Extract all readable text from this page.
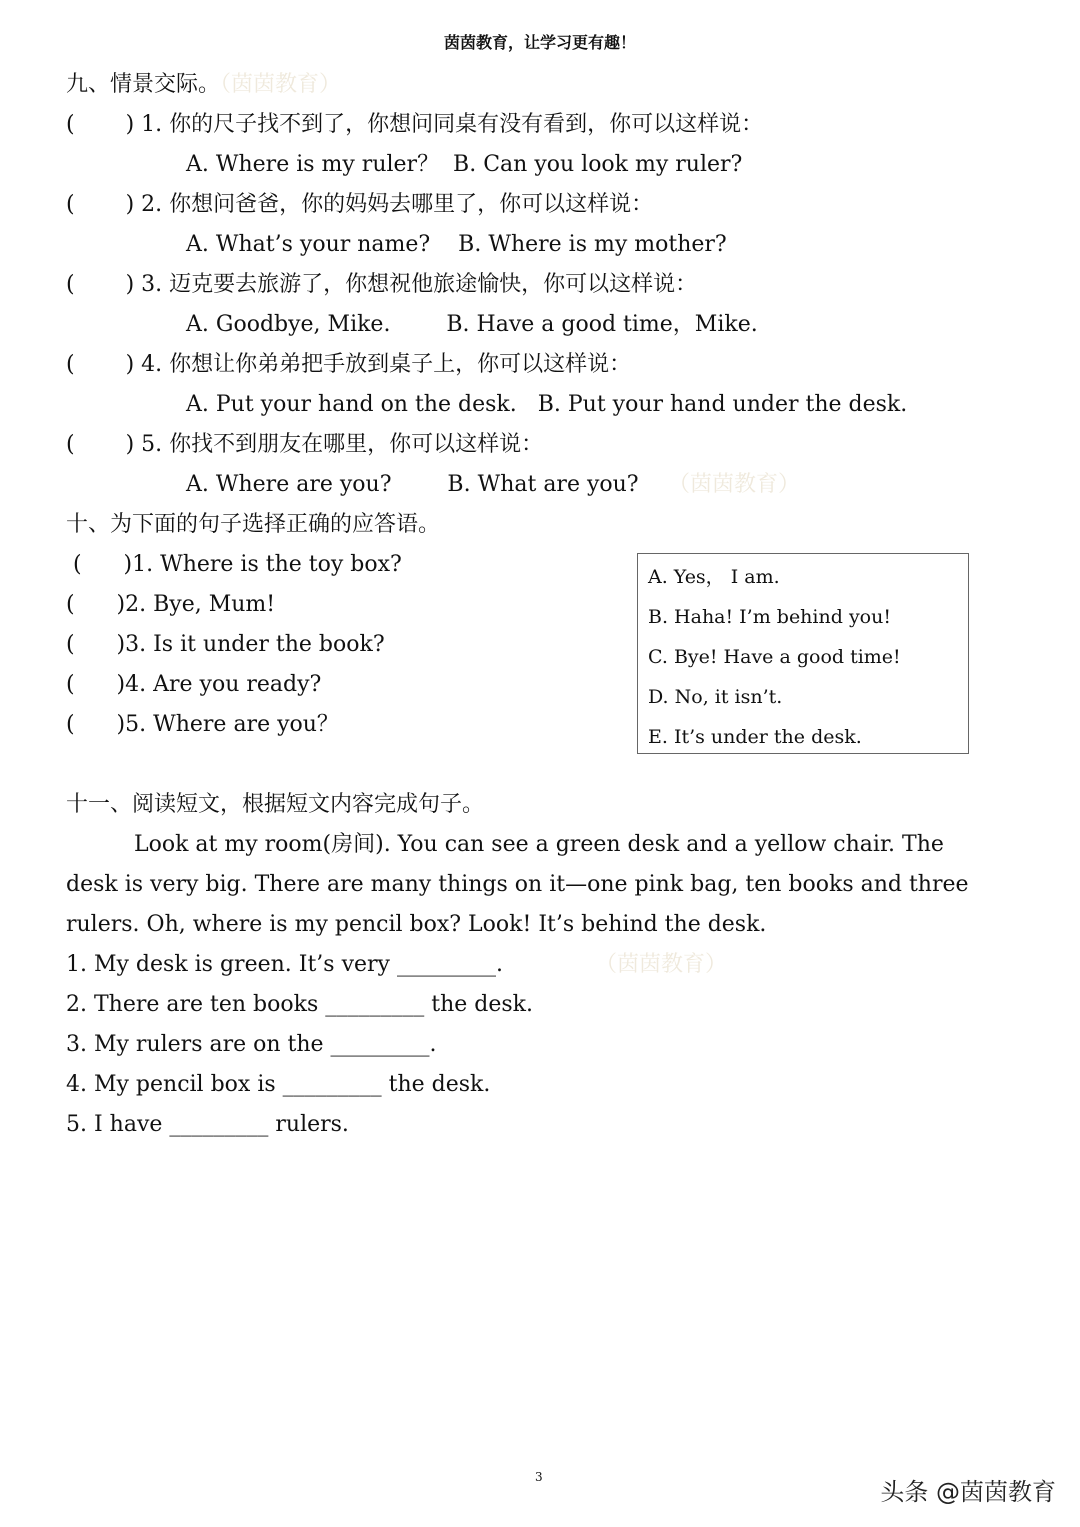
茵茵教育，让学习更有趣！
九、情景交际。（茵茵教育）
(　　 ) 1. 你的尺子找不到了，你想问同桌有没有看到，你可以这样说：
A. Where is my ruler？  B. Can you look my ruler?
(　　 ) 2. 你想问爸爸，你的妈妈去哪里了，你可以这样说：
A. What’s your name?    B. Where is my mother?
(　　 ) 3. 迈克要去旅游了，你想祝他旅途愉快，你可以这样说：
A. Goodbye, Mike.        B. Have a good time，Mike.
(　　 ) 4. 你想让你弟弟把手放到桌子上，你可以这样说：
A. Put your hand on the desk.   B. Put your hand under the desk.
(　　 ) 5. 你找不到朋友在哪里，你可以这样说：
A. Where are you?        B. What are you?
十、为下面的句子选择正确的应答语。
(      )1. Where is the toy box?
(      )2. Bye, Mum!
(      )3. Is it under the book?
(      )4. Are you ready?
(      )5. Where are you？
A. Yes， I am.
B. Haha! I’m behind you!
C. Bye! Have a good time!
D. No, it isn’t.
E. It’s under the desk.
十一、阅读短文，根据短文内容完成句子。
Look at my room(房间). You can see a green desk and a yellow chair. The
desk is very big. There are many things on it—one pink bag, ten books and three
rulers. Oh, where is my pencil box? Look! It’s behind the desk.
1. My desk is green. It’s very _________.
2. There are ten books _________ the desk.
3. My rulers are on the _________.
4. My pencil box is _________ the desk.
5. I have _________ rulers.
（茵茵教育）
（茵茵教育）
3
头条 @茵茵教育
